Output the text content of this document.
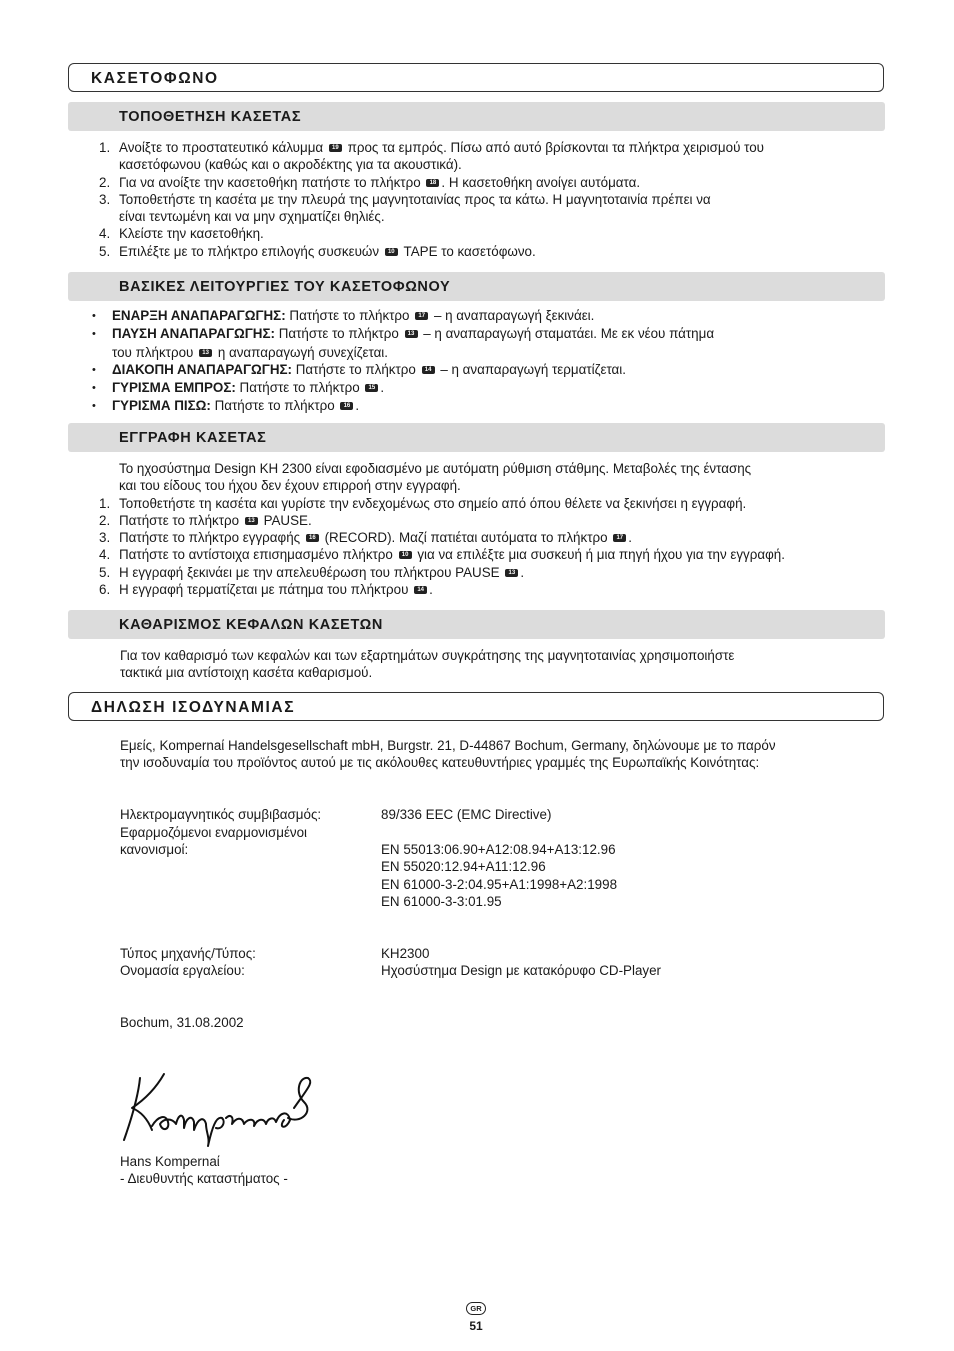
ΚΑΣΕΤΟΦΩΝΟ
ΤΟΠΟΘΕΤΗΣΗ ΚΑΣΕΤΑΣ
1. Ανοίξτε το προστατευτικό κάλυμμα 19 προς τα εμπρός. Πίσω από αυτό βρίσκονται τα πλήκτρα χειρισμού του
κασετόφωνου (καθώς και ο ακροδέκτης για τα ακουστικά).
2. Για να ανοίξτε την κασετοθήκη πατήστε το πλήκτρο 18 . Η κασετοθήκη ανοίγει αυτόματα.
3. Τοποθετήστε τη κασέτα με την πλευρά της μαγνητοταινίας προς τα κάτω. Η μαγνητοταινία πρέπει να
είναι τεντωμένη και να μην σχηματίζει θηλιές.
4. Κλείστε την κασετοθήκη.
5. Επιλέξτε με το πλήκτρο επιλογής συσκευών 10 TAPE το κασετόφωνο.
ΒΑΣΙΚΕΣ ΛΕΙΤΟΥΡΓΙΕΣ ΤΟΥ ΚΑΣΕΤΟΦΩΝΟΥ
• ΕΝΑΡΞΗ ΑΝΑΠΑΡΑΓΩΓΗΣ: Πατήστε το πλήκτρο 17 – η αναπαραγωγή ξεκινάει.
• ΠΑΥΣΗ ΑΝΑΠΑΡΑΓΩΓΗΣ: Πατήστε το πλήκτρο 13 – η αναπαραγωγή σταματάει. Με εκ νέου πάτημα
του πλήκτρου 13 η αναπαραγωγή συνεχίζεται.
• ΔΙΑΚΟΠΗ ΑΝΑΠΑΡΑΓΩΓΗΣ: Πατήστε το πλήκτρο 14 – η αναπαραγωγή τερματίζεται.
• ΓΥΡΙΣΜΑ ΕΜΠΡΟΣ: Πατήστε το πλήκτρο 15 .
• ΓΥΡΙΣΜΑ ΠΙΣΩ: Πατήστε το πλήκτρο 16 .
ΕΓΓΡΑΦΗ ΚΑΣΕΤΑΣ
Το ηχοσύστημα Design KH 2300 είναι εφοδιασμένο με αυτόματη ρύθμιση στάθμης. Μεταβολές της έντασης
και του είδους του ήχου δεν έχουν επιρροή στην εγγραφή.
1. Τοποθετήστε τη κασέτα και γυρίστε την ενδεχομένως στο σημείο από όπου θέλετε να ξεκινήσει η εγγραφή.
2. Πατήστε το πλήκτρο 13 PAUSE.
3. Πατήστε το πλήκτρο εγγραφής 16 (RECORD). Μαζί πατιέται αυτόματα το πλήκτρο 17 .
4. Πατήστε το αντίστοιχα επισημασμένο πλήκτρο 10 για να επιλέξτε μια συσκευή ή μια πηγή ήχου για την εγγραφή.
5. Η εγγραφή ξεκινάει με την απελευθέρωση του πλήκτρου PAUSE 13 .
6. Η εγγραφή τερματίζεται με πάτημα του πλήκτρου 14 .
ΚΑΘΑΡΙΣΜΟΣ ΚΕΦΑΛΩΝ ΚΑΣΕΤΩΝ
Για τον καθαρισμό των κεφαλών και των εξαρτημάτων συγκράτησης της μαγνητοταινίας χρησιμοποιήστε
τακτικά μια αντίστοιχη κασέτα καθαρισμού.
ΔΗΛΩΣΗ ΙΣΟΔΥΝΑΜΙΑΣ
Εμείς, Kompernaί Handelsgesellschaft mbH, Burgstr. 21, D-44867 Bochum, Germany, δηλώνουμε με το παρόν
την ισοδυναμία του προϊόντος αυτού με τις ακόλουθες κατευθυντήριες γραμμές της Ευρωπαϊκής Κοινότητας:
Ηλεκτρομαγνητικός συμβιβασμός:	89/336 EEC (EMC Directive)
Εφαρμοζόμενοι εναρμονισμένοι
κανονισμοί:	EN 55013:06.90+A12:08.94+A13:12.96
EN 55020:12.94+A11:12.96
EN 61000-3-2:04.95+A1:1998+A2:1998
EN 61000-3-3:01.95
Τύπος μηχανής/Τύπος:	KH2300
Ονομασία εργαλείου:	Ηχοσύστημα Design με κατακόρυφο CD-Player
Bochum, 31.08.2002
Hans Kompernaί
- Διευθυντής καταστήματος -
GR
51
